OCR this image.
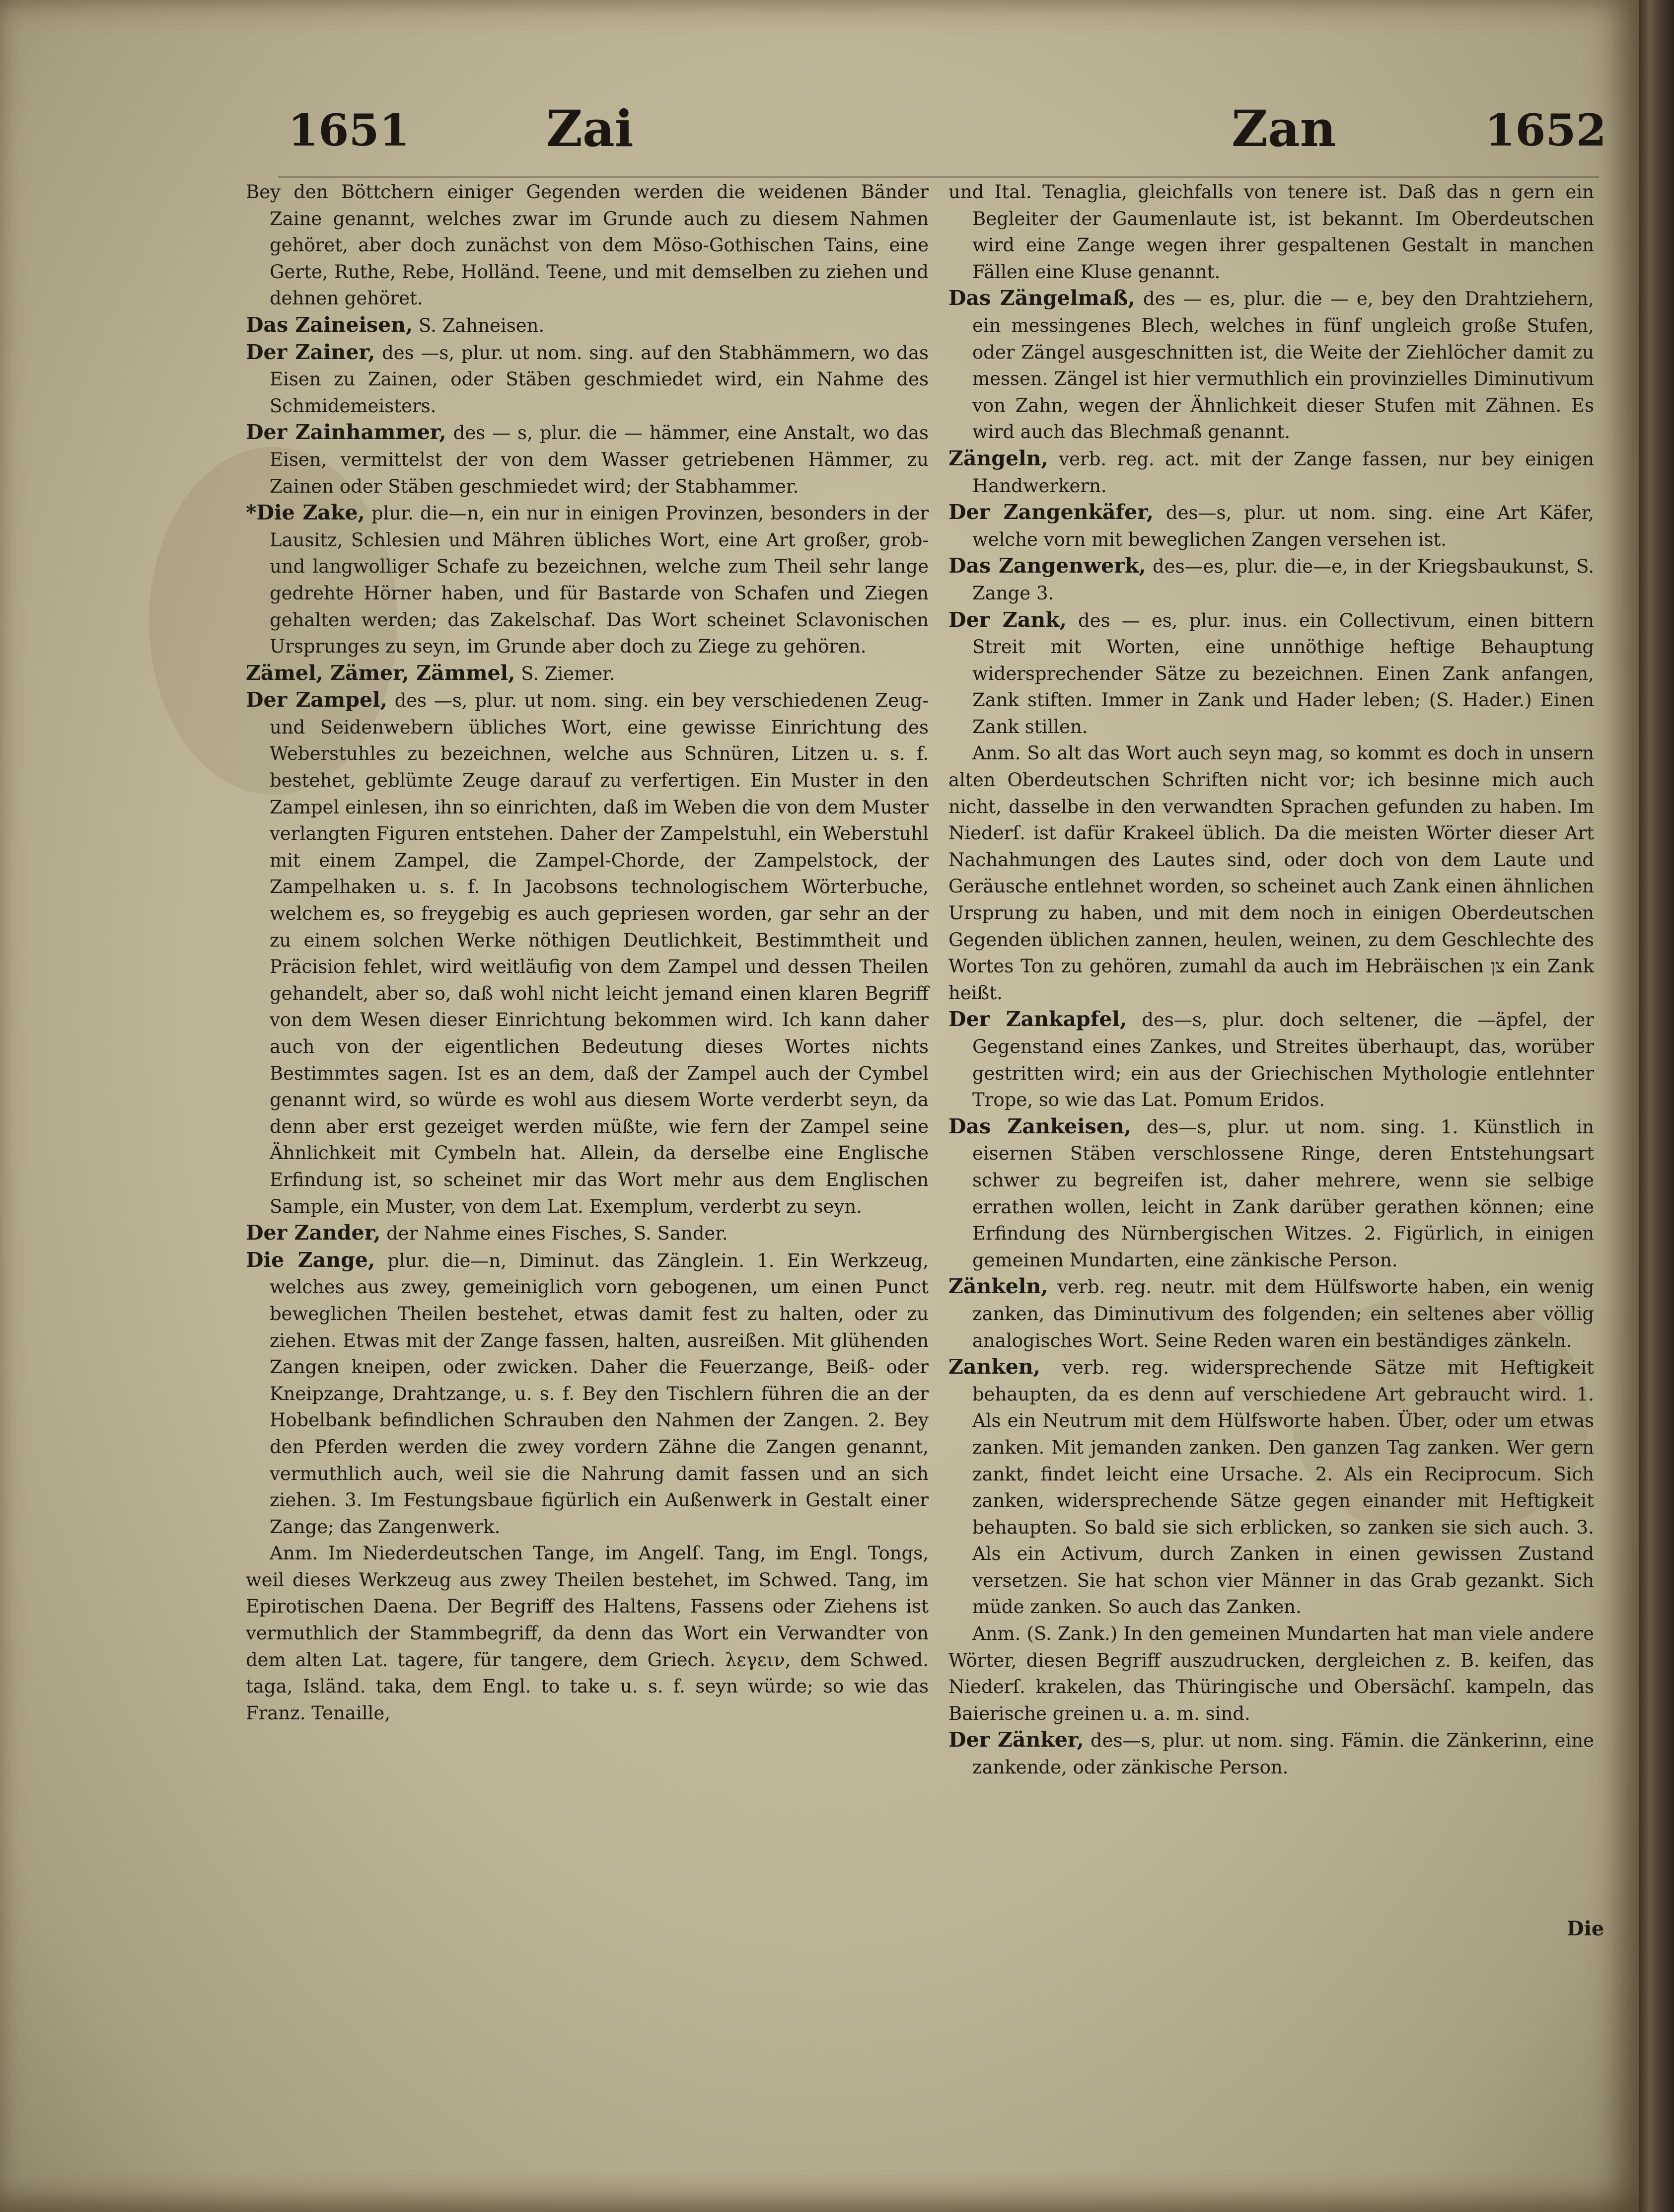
1651	Zai	Zan	1652

Bey den Böttchern einiger Gegenden werden die weidenen Bänder Zaine genannt, welches zwar im Grunde auch zu diesem Nahmen gehöret, aber doch zunächst von dem Möso-Gothischen Tains, eine Gerte, Ruthe, Rebe, Holländ. Teene, und mit demselben zu ziehen und dehnen gehöret.

Das Zaineisen, S. Zahneisen.

Der Zainer, des —s, plur. ut nom. sing. auf den Stabhämmern, wo das Eisen zu Zainen, oder Stäben geschmiedet wird, ein Nahme des Schmidemeisters.

Der Zainhammer, des — s, plur. die — hämmer, eine Anstalt, wo das Eisen, vermittelst der von dem Wasser getriebenen Hämmer, zu Zainen oder Stäben geschmiedet wird; der Stabhammer.

*Die Zake, plur. die—n, ein nur in einigen Provinzen, besonders in der Lausitz, Schlesien und Mähren übliches Wort, eine Art großer, grob- und langwolliger Schafe zu bezeichnen, welche zum Theil sehr lange gedrehte Hörner haben, und für Bastarde von Schafen und Ziegen gehalten werden; das Zakelschaf. Das Wort scheinet Sclavonischen Ursprunges zu seyn, im Grunde aber doch zu Ziege zu gehören.

Zämel, Zämer, Zämmel, S. Ziemer.

Der Zampel, des —s, plur. ut nom. sing. ein bey verschiedenen Zeug- und Seidenwebern übliches Wort, eine gewisse Einrichtung des Weberstuhles zu bezeichnen, welche aus Schnüren, Litzen u. s. f. bestehet, geblümte Zeuge darauf zu verfertigen. Ein Muster in den Zampel einlesen, ihn so einrichten, daß im Weben die von dem Muster verlangten Figuren entstehen. Daher der Zampelstuhl, ein Weberstuhl mit einem Zampel, die Zampel-Chorde, der Zampelstock, der Zampelhaken u. s. f. In Jacobsons technologischem Wörterbuche, welchem es, so freygebig es auch gepriesen worden, gar sehr an der zu einem solchen Werke nöthigen Deutlichkeit, Bestimmtheit und Präcision fehlet, wird weitläufig von dem Zampel und dessen Theilen gehandelt, aber so, daß wohl nicht leicht jemand einen klaren Begriff von dem Wesen dieser Einrichtung bekommen wird. Ich kann daher auch von der eigentlichen Bedeutung dieses Wortes nichts Bestimmtes sagen. Ist es an dem, daß der Zampel auch der Cymbel genannt wird, so würde es wohl aus diesem Worte verderbt seyn, da denn aber erst gezeiget werden müßte, wie fern der Zampel seine Ähnlichkeit mit Cymbeln hat. Allein, da derselbe eine Englische Erfindung ist, so scheinet mir das Wort mehr aus dem Englischen Sample, ein Muster, von dem Lat. Exemplum, verderbt zu seyn.

Der Zander, der Nahme eines Fisches, S. Sander.

Die Zange, plur. die—n, Diminut. das Zänglein. 1. Ein Werkzeug, welches aus zwey, gemeiniglich vorn gebogenen, um einen Punct beweglichen Theilen bestehet, etwas damit fest zu halten, oder zu ziehen. Etwas mit der Zange fassen, halten, ausreißen. Mit glühenden Zangen kneipen, oder zwicken. Daher die Feuerzange, Beiß- oder Kneipzange, Drahtzange, u. s. f. Bey den Tischlern führen die an der Hobelbank befindlichen Schrauben den Nahmen der Zangen. 2. Bey den Pferden werden die zwey vordern Zähne die Zangen genannt, vermuthlich auch, weil sie die Nahrung damit fassen und an sich ziehen. 3. Im Festungsbaue figürlich ein Außenwerk in Gestalt einer Zange; das Zangenwerk.

Anm. Im Niederdeutschen Tange, im Angelſ. Tang, im Engl. Tongs, weil dieses Werkzeug aus zwey Theilen bestehet, im Schwed. Tang, im Epirotischen Daena. Der Begriff des Haltens, Fassens oder Ziehens ist vermuthlich der Stammbegriff, da denn das Wort ein Verwandter von dem alten Lat. tagere, für tangere, dem Griech. λεγειν, dem Schwed. taga, Isländ. taka, dem Engl. to take u. s. f. seyn würde; so wie das Franz. Tenaille,

und Ital. Tenaglia, gleichfalls von tenere ist. Daß das n gern ein Begleiter der Gaumenlaute ist, ist bekannt. Im Oberdeutschen wird eine Zange wegen ihrer gespaltenen Gestalt in manchen Fällen eine Kluse genannt.

Das Zängelmaß, des — es, plur. die — e, bey den Drahtziehern, ein messingenes Blech, welches in fünf ungleich große Stufen, oder Zängel ausgeschnitten ist, die Weite der Ziehlöcher damit zu messen. Zängel ist hier vermuthlich ein provinzielles Diminutivum von Zahn, wegen der Ähnlichkeit dieser Stufen mit Zähnen. Es wird auch das Blechmaß genannt.

Zängeln, verb. reg. act. mit der Zange fassen, nur bey einigen Handwerkern.

Der Zangenkäfer, des—s, plur. ut nom. sing. eine Art Käfer, welche vorn mit beweglichen Zangen versehen ist.

Das Zangenwerk, des—es, plur. die—e, in der Kriegsbaukunst, S. Zange 3.

Der Zank, des — es, plur. inus. ein Collectivum, einen bittern Streit mit Worten, eine unnöthige heftige Behauptung widersprechender Sätze zu bezeichnen. Einen Zank anfangen, Zank stiften. Immer in Zank und Hader leben; (S. Hader.) Einen Zank stillen.

Anm. So alt das Wort auch seyn mag, so kommt es doch in unsern alten Oberdeutschen Schriften nicht vor; ich besinne mich auch nicht, dasselbe in den verwandten Sprachen gefunden zu haben. Im Niederſ. ist dafür Krakeel üblich. Da die meisten Wörter dieser Art Nachahmungen des Lautes sind, oder doch von dem Laute und Geräusche entlehnet worden, so scheinet auch Zank einen ähnlichen Ursprung zu haben, und mit dem noch in einigen Oberdeutschen Gegenden üblichen zannen, heulen, weinen, zu dem Geschlechte des Wortes Ton zu gehören, zumahl da auch im Hebräischen צן ein Zank heißt.

Der Zankapfel, des—s, plur. doch seltener, die —äpfel, der Gegenstand eines Zankes, und Streites überhaupt, das, worüber gestritten wird; ein aus der Griechischen Mythologie entlehnter Trope, so wie das Lat. Pomum Eridos.

Das Zankeisen, des—s, plur. ut nom. sing. 1. Künstlich in eisernen Stäben verschlossene Ringe, deren Entstehungsart schwer zu begreifen ist, daher mehrere, wenn sie selbige errathen wollen, leicht in Zank darüber gerathen können; eine Erfindung des Nürnbergischen Witzes. 2. Figürlich, in einigen gemeinen Mundarten, eine zänkische Person.

Zänkeln, verb. reg. neutr. mit dem Hülfsworte haben, ein wenig zanken, das Diminutivum des folgenden; ein seltenes aber völlig analogisches Wort. Seine Reden waren ein beständiges zänkeln.

Zanken, verb. reg. widersprechende Sätze mit Heftigkeit behaupten, da es denn auf verschiedene Art gebraucht wird. 1. Als ein Neutrum mit dem Hülfsworte haben. Über, oder um etwas zanken. Mit jemanden zanken. Den ganzen Tag zanken. Wer gern zankt, findet leicht eine Ursache. 2. Als ein Reciprocum. Sich zanken, widersprechende Sätze gegen einander mit Heftigkeit behaupten. So bald sie sich erblicken, so zanken sie sich auch. 3. Als ein Activum, durch Zanken in einen gewissen Zustand versetzen. Sie hat schon vier Männer in das Grab gezankt. Sich müde zanken. So auch das Zanken.

Anm. (S. Zank.) In den gemeinen Mundarten hat man viele andere Wörter, diesen Begriff auszudrucken, dergleichen z. B. keifen, das Niederſ. krakelen, das Thüringische und Obersächſ. kampeln, das Baierische greinen u. a. m. sind.

Der Zänker, des—s, plur. ut nom. sing. Fämin. die Zänkerinn, eine zankende, oder zänkische Person.

Die
